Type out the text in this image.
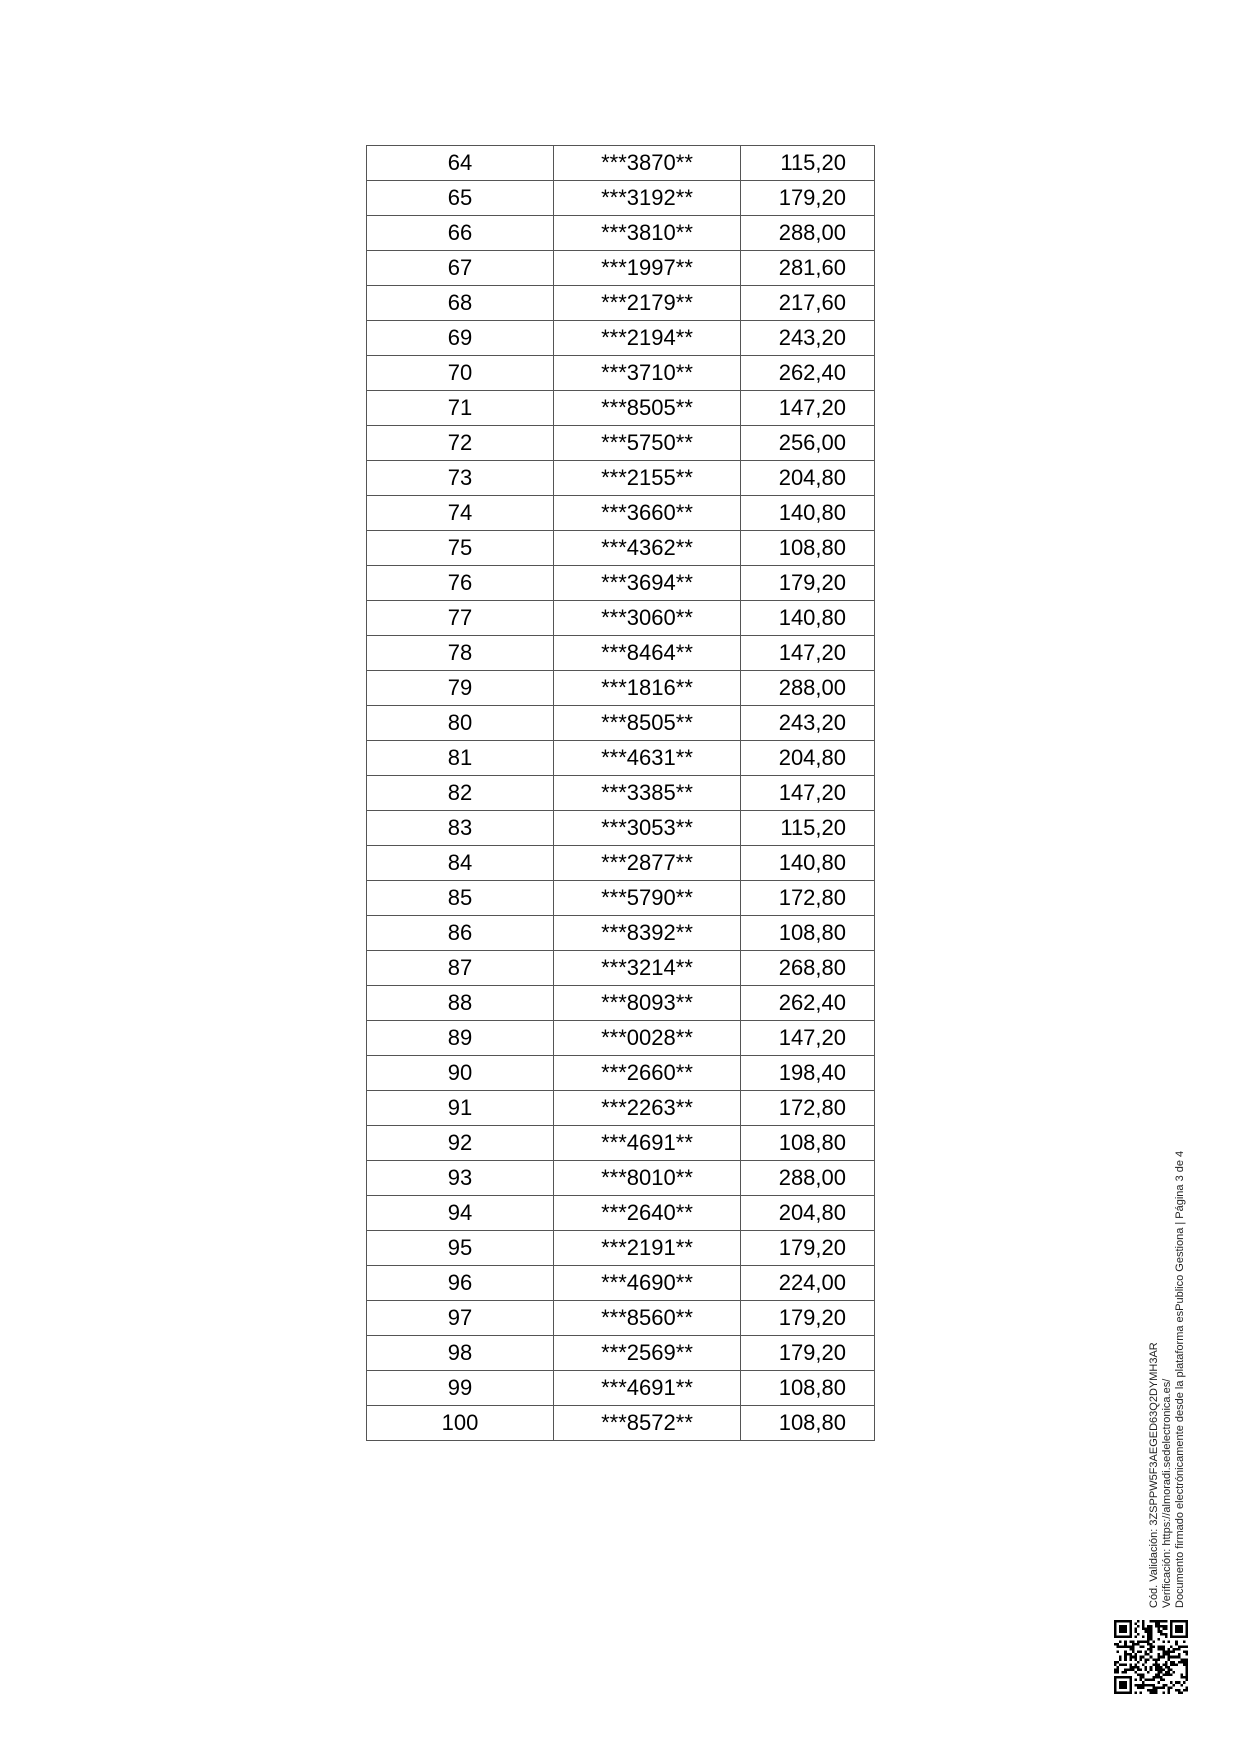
64	***3870**	115,20
65	***3192**	179,20
66	***3810**	288,00
67	***1997**	281,60
68	***2179**	217,60
69	***2194**	243,20
70	***3710**	262,40
71	***8505**	147,20
72	***5750**	256,00
73	***2155**	204,80
74	***3660**	140,80
75	***4362**	108,80
76	***3694**	179,20
77	***3060**	140,80
78	***8464**	147,20
79	***1816**	288,00
80	***8505**	243,20
81	***4631**	204,80
82	***3385**	147,20
83	***3053**	115,20
84	***2877**	140,80
85	***5790**	172,80
86	***8392**	108,80
87	***3214**	268,80
88	***8093**	262,40
89	***0028**	147,20
90	***2660**	198,40
91	***2263**	172,80
92	***4691**	108,80
93	***8010**	288,00
94	***2640**	204,80
95	***2191**	179,20
96	***4690**	224,00
97	***8560**	179,20
98	***2569**	179,20
99	***4691**	108,80
100	***8572**	108,80	Cód. Validación: 3ZSPPW5F3AEGED63Q2DYMH3AR Verificación: https://almoradi.sedelectronica.es/ Documento firmado electrónicamente desde la plataforma esPublico Gestiona | Página 3 de 4
